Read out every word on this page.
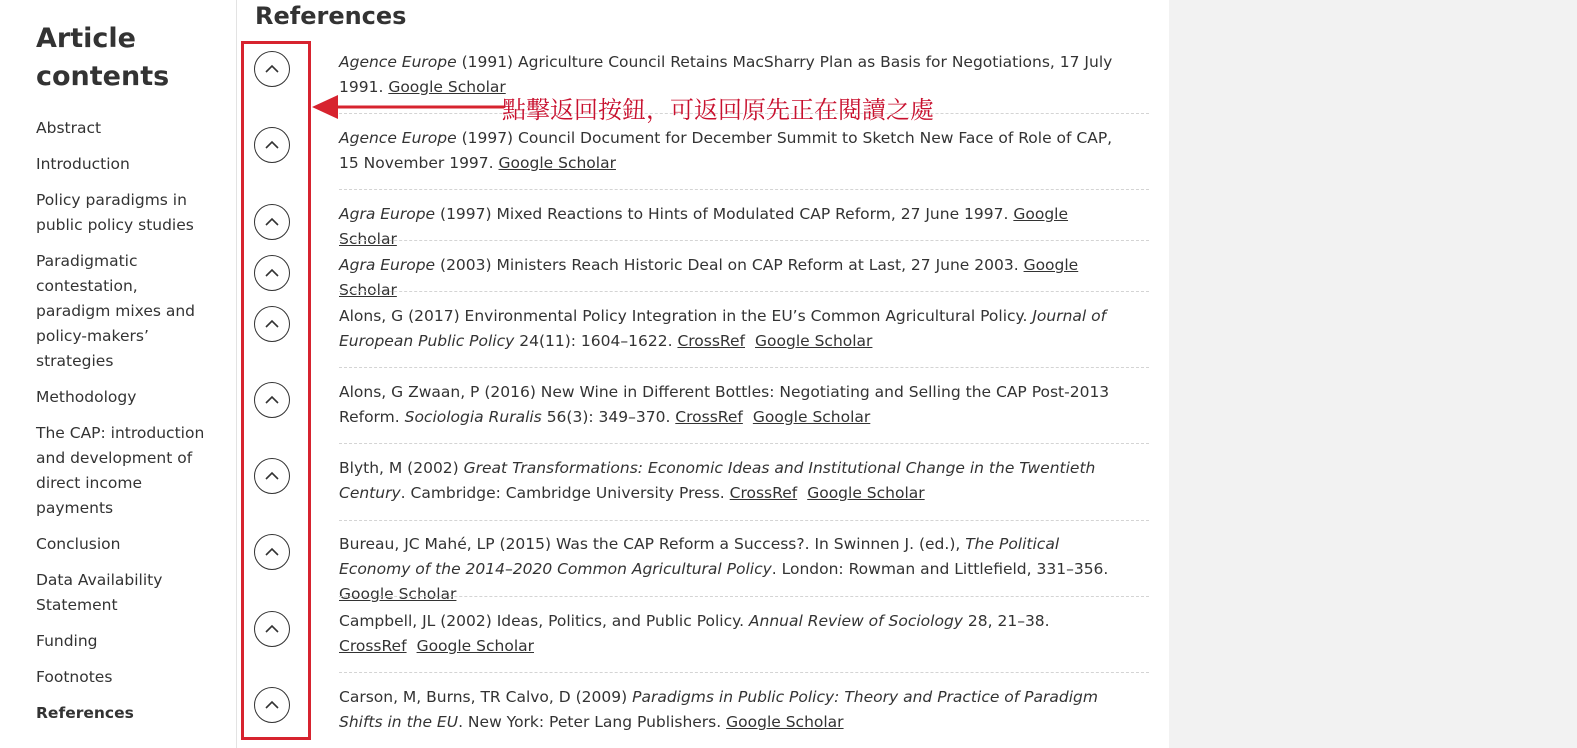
Article contents
Abstract
Introduction
Policy paradigms in public policy studies
Paradigmatic contestation, paradigm mixes and policy-makers’ strategies
Methodology
The CAP: introduction and development of direct income payments
Conclusion
Data Availability Statement
Funding
Footnotes
References
References
Agence Europe (1991) Agriculture Council Retains MacSharry Plan as Basis for Negotiations, 17 July 1991. Google Scholar
Agence Europe (1997) Council Document for December Summit to Sketch New Face of Role of CAP, 15 November 1997. Google Scholar
Agra Europe (1997) Mixed Reactions to Hints of Modulated CAP Reform, 27 June 1997. Google Scholar
Agra Europe (2003) Ministers Reach Historic Deal on CAP Reform at Last, 27 June 2003. Google Scholar
Alons, G (2017) Environmental Policy Integration in the EU’s Common Agricultural Policy. Journal of European Public Policy 24(11): 1604–1622. CrossRef Google Scholar
Alons, G Zwaan, P (2016) New Wine in Different Bottles: Negotiating and Selling the CAP Post-2013 Reform. Sociologia Ruralis 56(3): 349–370. CrossRef Google Scholar
Blyth, M (2002) Great Transformations: Economic Ideas and Institutional Change in the Twentieth Century. Cambridge: Cambridge University Press. CrossRef Google Scholar
Bureau, JC Mahé, LP (2015) Was the CAP Reform a Success?. In Swinnen J. (ed.), The Political Economy of the 2014–2020 Common Agricultural Policy. London: Rowman and Littlefield, 331–356. Google Scholar
Campbell, JL (2002) Ideas, Politics, and Public Policy. Annual Review of Sociology 28, 21–38. CrossRef Google Scholar
Carson, M, Burns, TR Calvo, D (2009) Paradigms in Public Policy: Theory and Practice of Paradigm Shifts in the EU. New York: Peter Lang Publishers. Google Scholar
點擊返回按鈕，可返回原先正在閱讀之處
